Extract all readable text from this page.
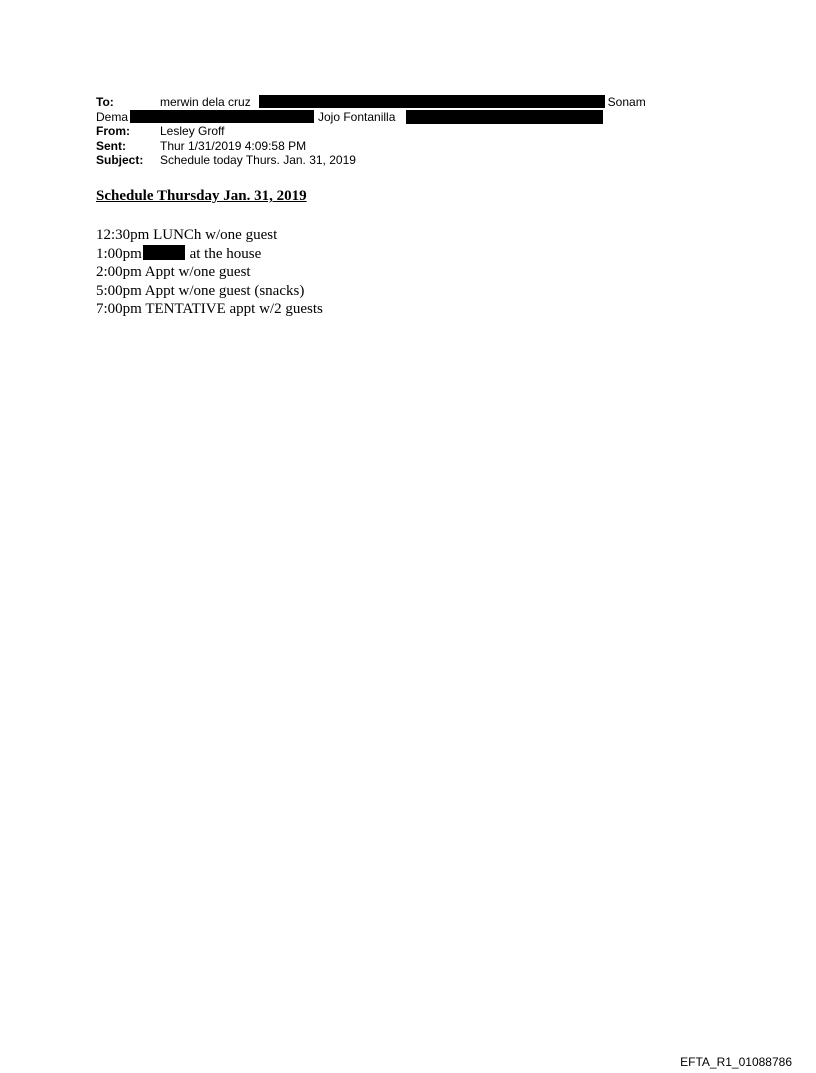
To:	merwin dela cruz	; Leo	; Sonam
Dema	Jojo Fontanilla
From:	Lesley Groff
Sent:	Thur 1/31/2019 4:09:58 PM
Subject: Schedule today Thurs. Jan. 31, 2019
Schedule Thursday Jan. 31, 2019
12:30pm LUNCh w/one guest
1:00pm	at the house
2:00pm Appt w/one guest
5:00pm Appt w/one guest (snacks)
7:00pm TENTATIVE appt w/2 guests
EFTA_R1_01088786
